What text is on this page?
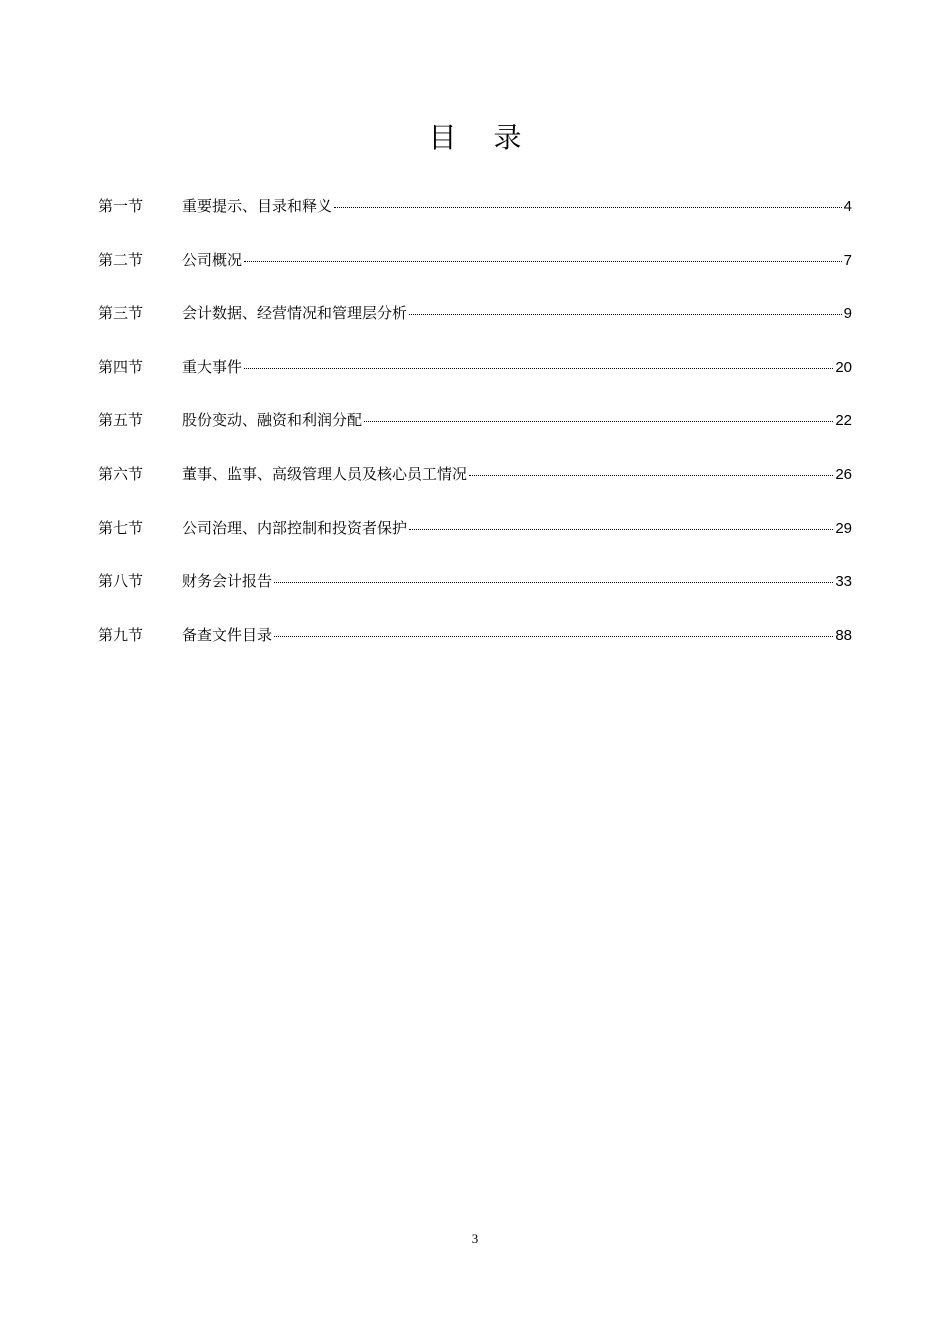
目 录
第一节	重要提示、目录和释义	4
第二节	公司概况	7
第三节	会计数据、经营情况和管理层分析	9
第四节	重大事件	20
第五节	股份变动、融资和利润分配	22
第六节	董事、监事、高级管理人员及核心员工情况	26
第七节	公司治理、内部控制和投资者保护	29
第八节	财务会计报告	33
第九节	备查文件目录	88
3
